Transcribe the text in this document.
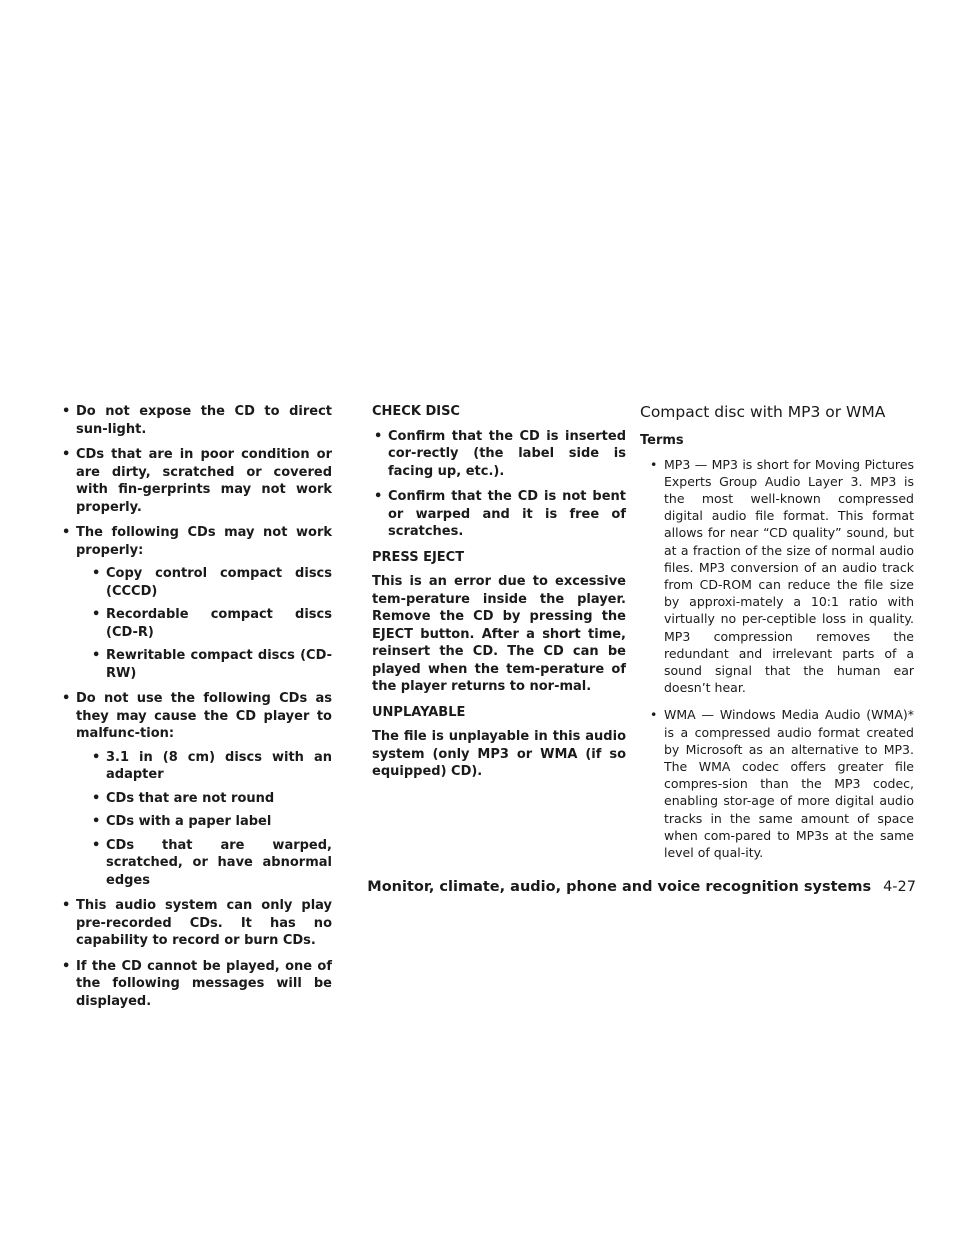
• Do not expose the CD to direct sun-light.
• CDs that are in poor condition or are dirty, scratched or covered with fin-gerprints may not work properly.
• The following CDs may not work properly:
• Copy control compact discs (CCCD)
• Recordable compact discs (CD-R)
• Rewritable compact discs (CD-RW)
• Do not use the following CDs as they may cause the CD player to malfunc-tion:
• 3.1 in (8 cm) discs with an adapter
• CDs that are not round
• CDs with a paper label
• CDs that are warped, scratched, or have abnormal edges
• This audio system can only play pre-recorded CDs. It has no capability to record or burn CDs.
• If the CD cannot be played, one of the following messages will be displayed.
CHECK DISC
• Confirm that the CD is inserted cor-rectly (the label side is facing up, etc.).
• Confirm that the CD is not bent or warped and it is free of scratches.
PRESS EJECT
This is an error due to excessive tem-perature inside the player. Remove the CD by pressing the EJECT button. After a short time, reinsert the CD. The CD can be played when the tem-perature of the player returns to nor-mal.
UNPLAYABLE
The file is unplayable in this audio system (only MP3 or WMA (if so equipped) CD).
Compact disc with MP3 or WMA
Terms
• MP3 — MP3 is short for Moving Pictures Experts Group Audio Layer 3. MP3 is the most well-known compressed digital audio file format. This format allows for near “CD quality” sound, but at a fraction of the size of normal audio files. MP3 conversion of an audio track from CD-ROM can reduce the file size by approxi-mately a 10:1 ratio with virtually no per-ceptible loss in quality. MP3 compression removes the redundant and irrelevant parts of a sound signal that the human ear doesn’t hear.
• WMA — Windows Media Audio (WMA)* is a compressed audio format created by Microsoft as an alternative to MP3. The WMA codec offers greater file compres-sion than the MP3 codec, enabling stor-age of more digital audio tracks in the same amount of space when com-pared to MP3s at the same level of qual-ity.
Monitor, climate, audio, phone and voice recognition systems 4-27
